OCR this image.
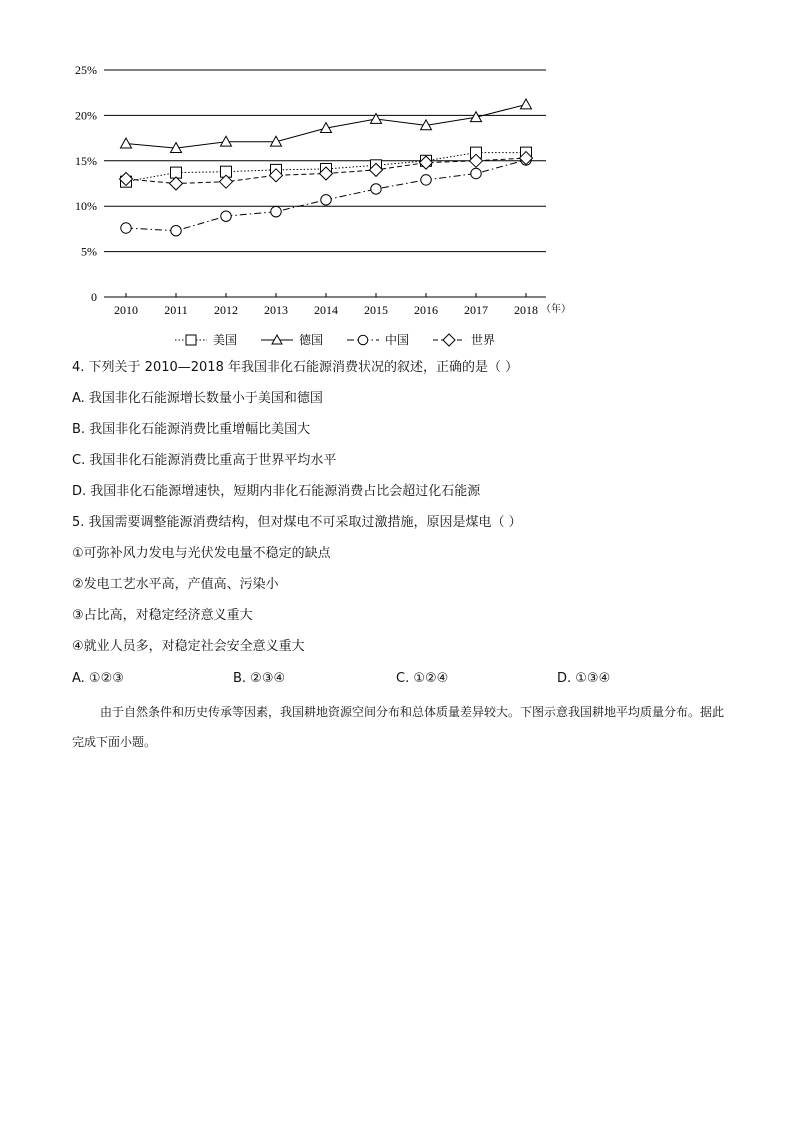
0
5%
10%
15%
20%
25%
2010 2011 2012 2013 2014 2015 2016 2017 2018 （年）
美国	德国	中国	世界
4. 下列关于 2010—2018 年我国非化石能源消费状况的叙述，正确的是（ ）
A. 我国非化石能源增长数量小于美国和德国
B. 我国非化石能源消费比重增幅比美国大
C. 我国非化石能源消费比重高于世界平均水平
D. 我国非化石能源增速快，短期内非化石能源消费占比会超过化石能源
5. 我国需要调整能源消费结构，但对煤电不可采取过激措施，原因是煤电（ ）
①可弥补风力发电与光伏发电量不稳定的缺点
②发电工艺水平高，产值高、污染小
③占比高，对稳定经济意义重大
④就业人员多，对稳定社会安全意义重大
A. ①②③	B. ②③④	C. ①②④	D. ①③④
由于自然条件和历史传承等因素，我国耕地资源空间分布和总体质量差异较大。下图示意我国耕地平均质量分布。据此完成下面小题。
